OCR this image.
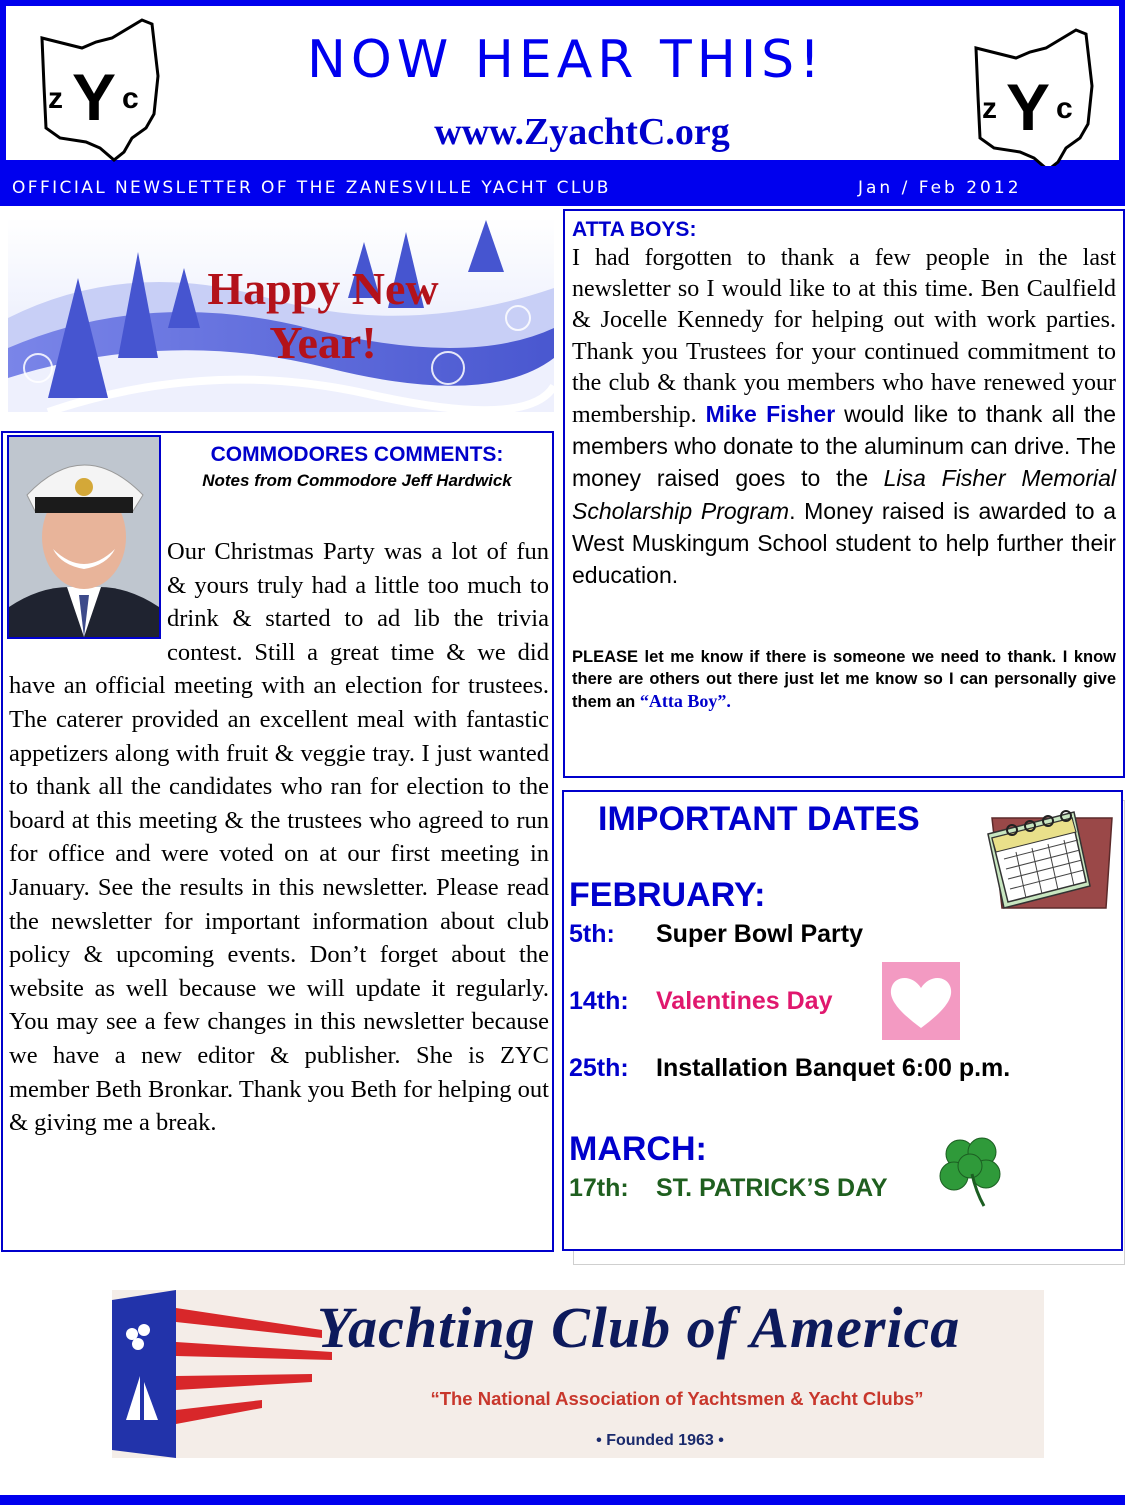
z Y c
NOW HEAR THIS!
www.ZyachtC.org
z Y c
OFFICIAL NEWSLETTER OF THE ZANESVILLE YACHT CLUB	Jan / Feb 2012
Happy New
Year!
COMMODORES COMMENTS:
Notes from Commodore Jeff Hardwick
Our Christmas Party was a lot of fun & yours truly had a little too much to drink & started to ad lib the trivia contest. Still a great time & we did have an official meeting with an election for trustees. The caterer provided an excellent meal with fantastic appetizers along with fruit & veggie tray. I just wanted to thank all the candidates who ran for election to the board at this meeting & the trustees who agreed to run for office and were voted on at our first meeting in January. See the results in this newsletter. Please read the newsletter for important information about club policy & upcoming events. Don’t forget about the website as well because we will update it regularly. You may see a few changes in this newsletter because we have a new editor & publisher. She is ZYC member Beth Bronkar. Thank you Beth for helping out & giving me a break.
ATTA BOYS:
I had forgotten to thank a few people in the last newsletter so I would like to at this time. Ben Caulfield & Jocelle Kennedy for helping out with work parties. Thank you Trustees for your continued commitment to the club & thank you members who have renewed your membership. Mike Fisher would like to thank all the members who donate to the aluminum can drive. The money raised goes to the Lisa Fisher Memorial Scholarship Program. Money raised is awarded to a West Muskingum School student to help further their education.
PLEASE let me know if there is someone we need to thank. I know there are others out there just let me know so I can personally give them an “Atta Boy”.
IMPORTANT DATES
FEBRUARY:
5th: Super Bowl Party
14th: Valentines Day
25th: Installation Banquet 6:00 p.m.
MARCH:
17th: ST. PATRICK’S DAY
Yachting Club of America
“The National Association of Yachtsmen & Yacht Clubs”
• Founded 1963 •
